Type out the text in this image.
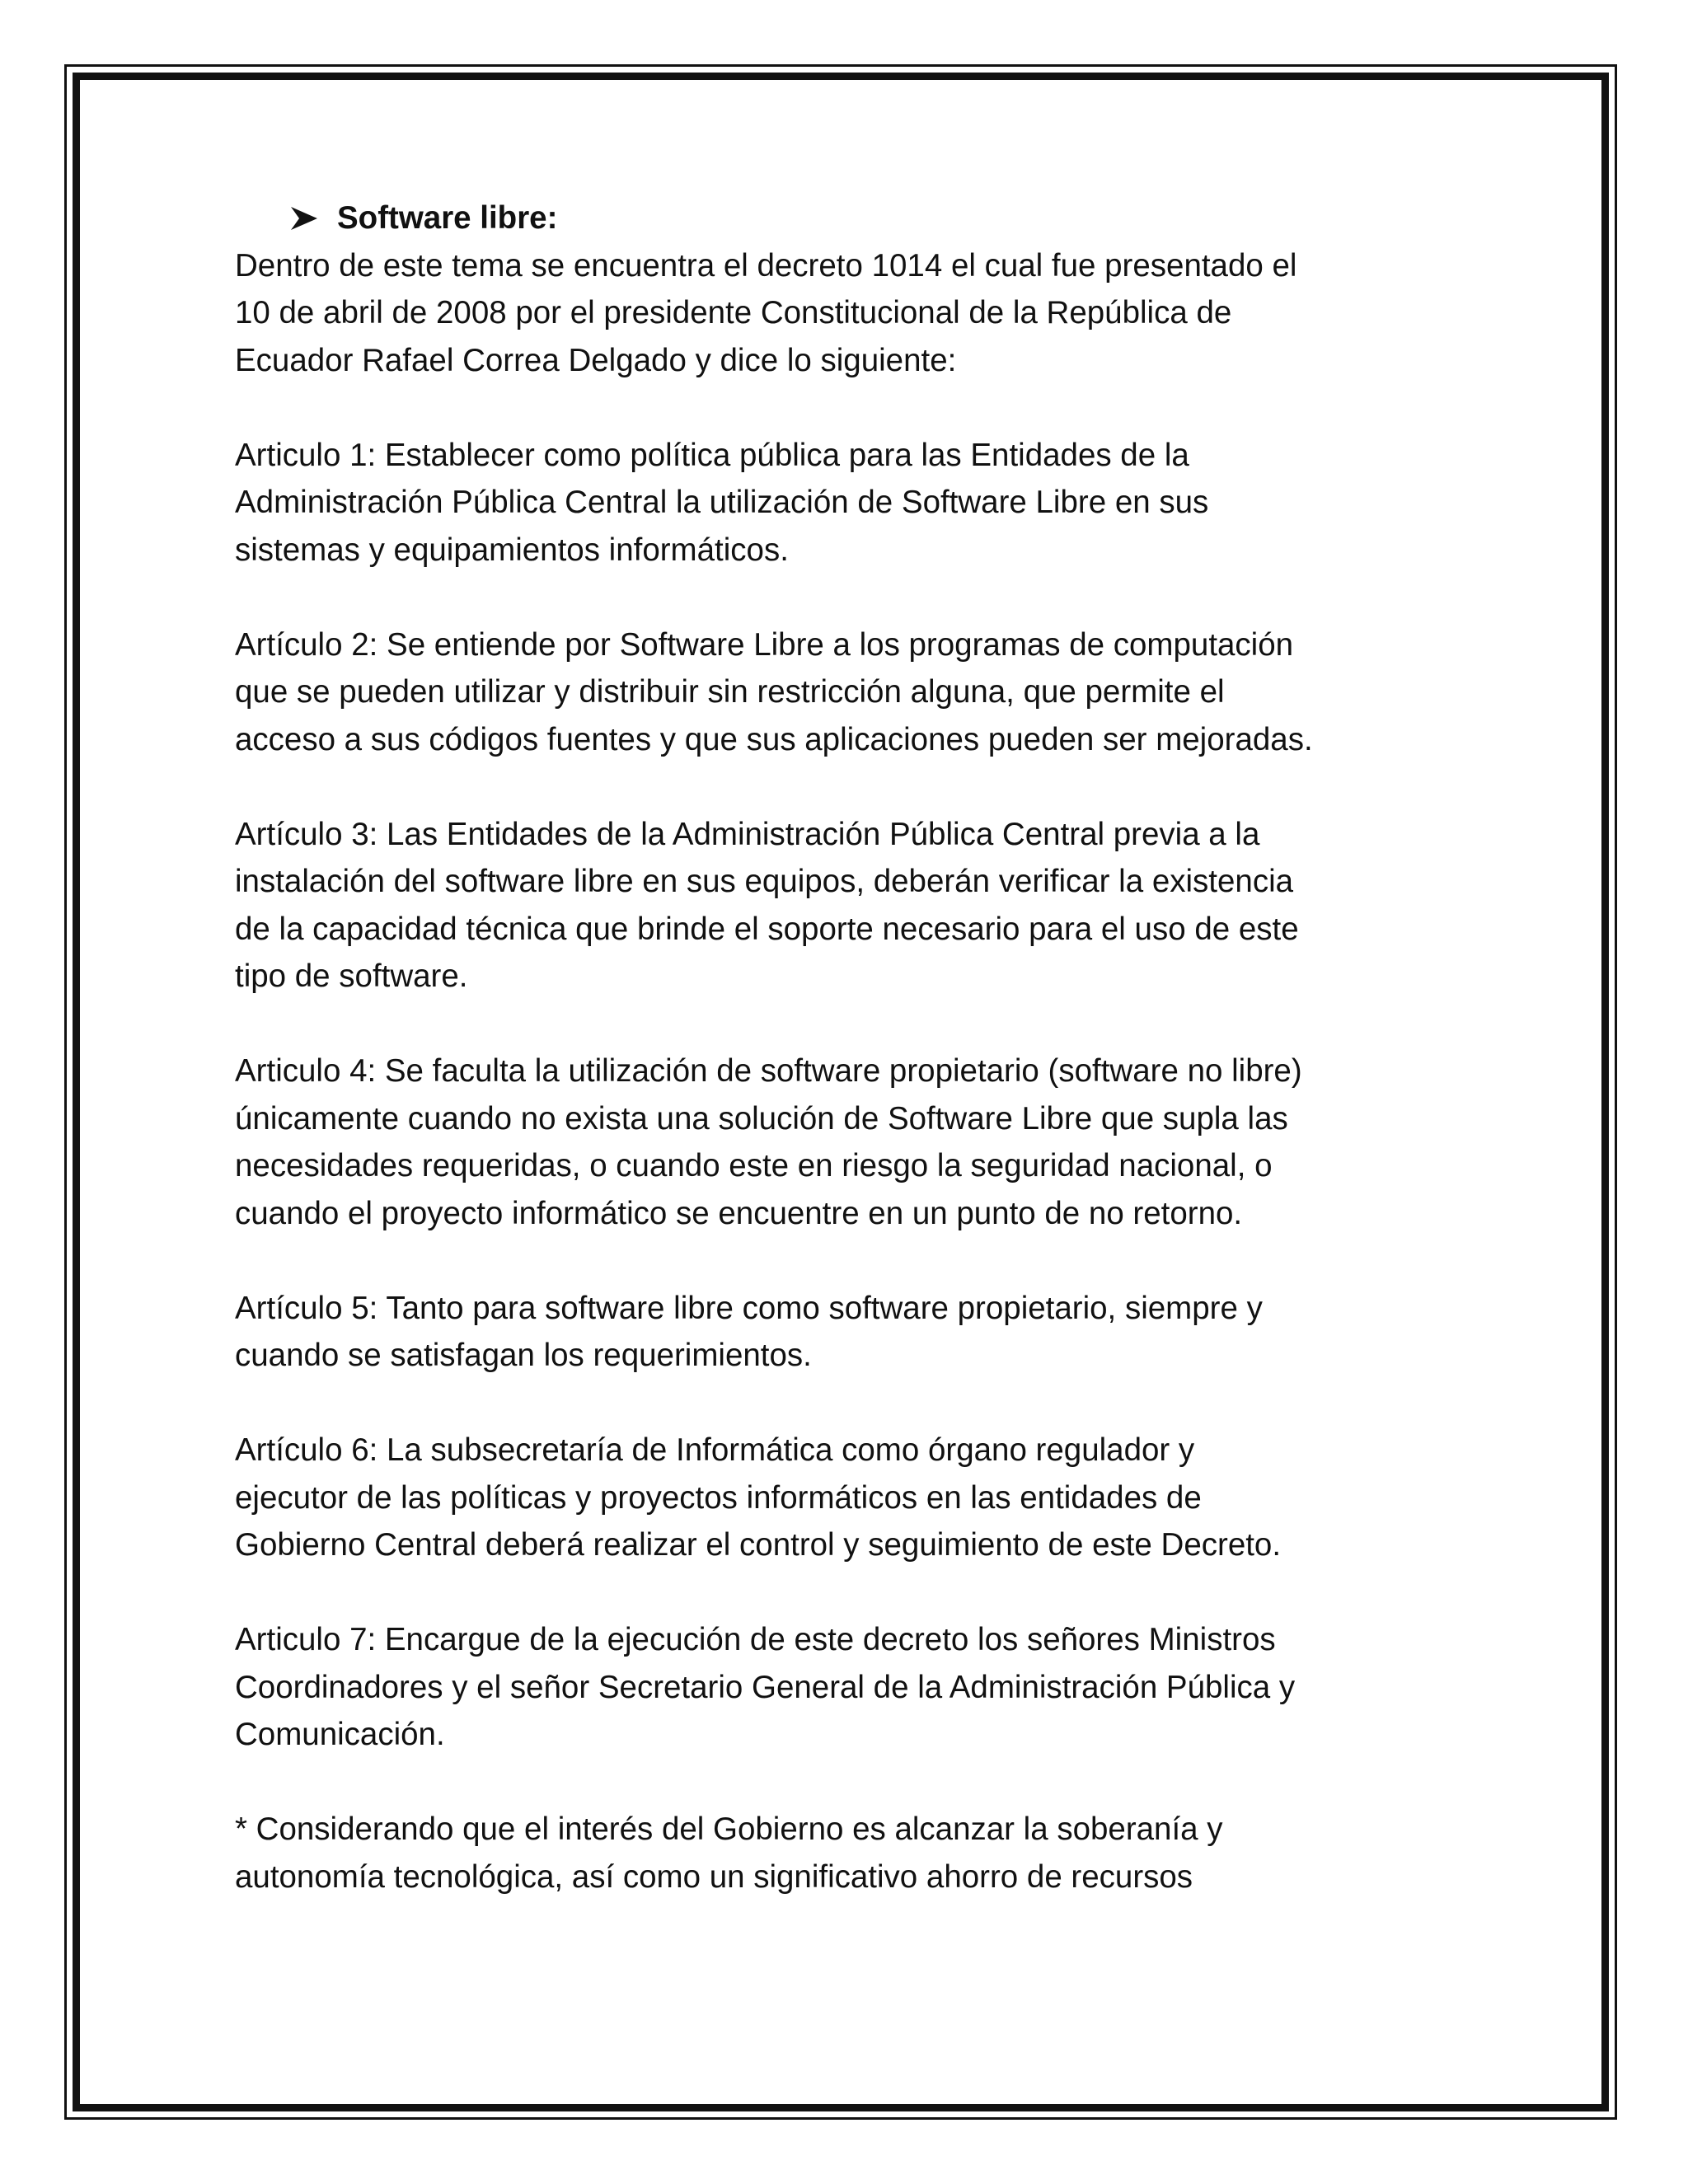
Software libre:

Dentro de este tema se encuentra el decreto 1014 el cual fue presentado el
10 de abril de 2008 por el presidente Constitucional de la República de
Ecuador Rafael Correa Delgado y dice lo siguiente:

Articulo 1: Establecer como política pública para las Entidades de la
Administración Pública Central la utilización de Software Libre en sus
sistemas y equipamientos informáticos.

Artículo 2: Se entiende por Software Libre a los programas de computación
que se pueden utilizar y distribuir sin restricción alguna, que permite el
acceso a sus códigos fuentes y que sus aplicaciones pueden ser mejoradas.

Artículo 3: Las Entidades de la Administración Pública Central previa a la
instalación del software libre en sus equipos, deberán verificar la existencia
de la capacidad técnica que brinde el soporte necesario para el uso de este
tipo de software.

Articulo 4: Se faculta la utilización de software propietario (software no libre)
únicamente cuando no exista una solución de Software Libre que supla las
necesidades requeridas, o cuando este en riesgo la seguridad nacional, o
cuando el proyecto informático se encuentre en un punto de no retorno.

Artículo 5: Tanto para software libre como software propietario, siempre y
cuando se satisfagan los requerimientos.

Artículo 6: La subsecretaría de Informática como órgano regulador y
ejecutor de las políticas y proyectos informáticos en las entidades de
Gobierno Central deberá realizar el control y seguimiento de este Decreto.

Articulo 7: Encargue de la ejecución de este decreto los señores Ministros
Coordinadores y el señor Secretario General de la Administración Pública y
Comunicación.

* Considerando que el interés del Gobierno es alcanzar la soberanía y
autonomía tecnológica, así como un significativo ahorro de recursos
